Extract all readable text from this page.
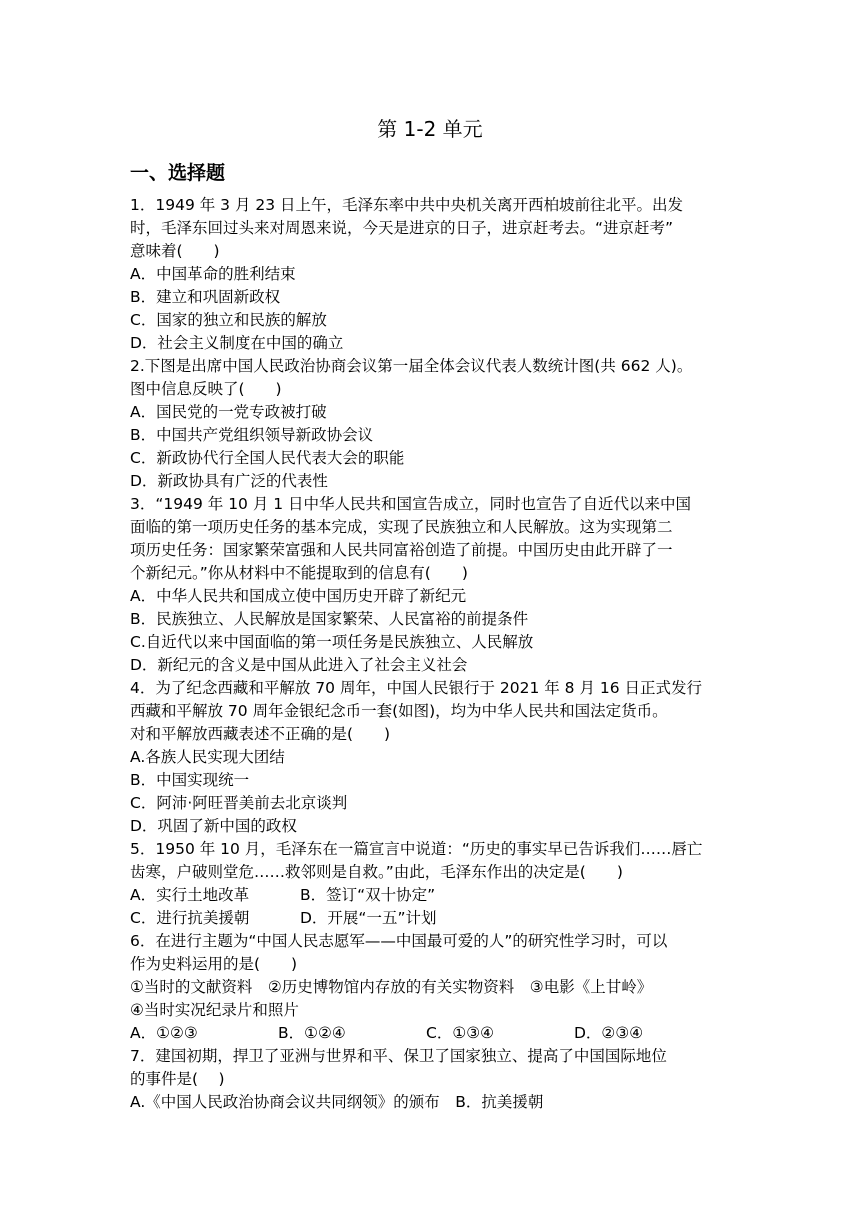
第 1-2 单元
一、选择题

1．1949 年 3 月 23 日上午，毛泽东率中共中央机关离开西柏坡前往北平。出发

时，毛泽东回过头来对周恩来说，今天是进京的日子，进京赶考去。“进京赶考”

意味着(　　)

A．中国革命的胜利结束

B．建立和巩固新政权

C．国家的独立和民族的解放

D．社会主义制度在中国的确立

2.下图是出席中国人民政治协商会议第一届全体会议代表人数统计图(共 662 人)。

图中信息反映了(　　)

A．国民党的一党专政被打破

B．中国共产党组织领导新政协会议

C．新政协代行全国人民代表大会的职能

D．新政协具有广泛的代表性

3．“1949 年 10 月 1 日中华人民共和国宣告成立，同时也宣告了自近代以来中国

面临的第一项历史任务的基本完成，实现了民族独立和人民解放。这为实现第二

项历史任务：国家繁荣富强和人民共同富裕创造了前提。中国历史由此开辟了一

个新纪元。”你从材料中不能提取到的信息有(　　)

A．中华人民共和国成立使中国历史开辟了新纪元

B．民族独立、人民解放是国家繁荣、人民富裕的前提条件

C.自近代以来中国面临的第一项任务是民族独立、人民解放

D．新纪元的含义是中国从此进入了社会主义社会

4．为了纪念西藏和平解放 70 周年，中国人民银行于 2021 年 8 月 16 日正式发行

西藏和平解放 70 周年金银纪念币一套(如图)，均为中华人民共和国法定货币。

对和平解放西藏表述不正确的是(　　)

A.各族人民实现大团结

B．中国实现统一

C．阿沛·阿旺晋美前去北京谈判

D．巩固了新中国的政权

5．1950 年 10 月，毛泽东在一篇宣言中说道：“历史的事实早已告诉我们……唇亡

齿寒，户破则堂危……救邻则是自救。”由此，毛泽东作出的决定是(　　)

A．实行土地改革	B．签订“双十协定”

C．进行抗美援朝	D．开展“一五”计划

6．在进行主题为“中国人民志愿军——中国最可爱的人”的研究性学习时，可以

作为史料运用的是(　　)

①当时的文献资料　②历史博物馆内存放的有关实物资料　③电影《上甘岭》

④当时实况纪录片和照片

A．①②③	B．①②④	C．①③④	D．②③④

7．建国初期，捍卫了亚洲与世界和平、保卫了国家独立、提高了中国国际地位

的事件是(　 )

A.《中国人民政治协商会议共同纲领》的颁布　 B．抗美援朝
